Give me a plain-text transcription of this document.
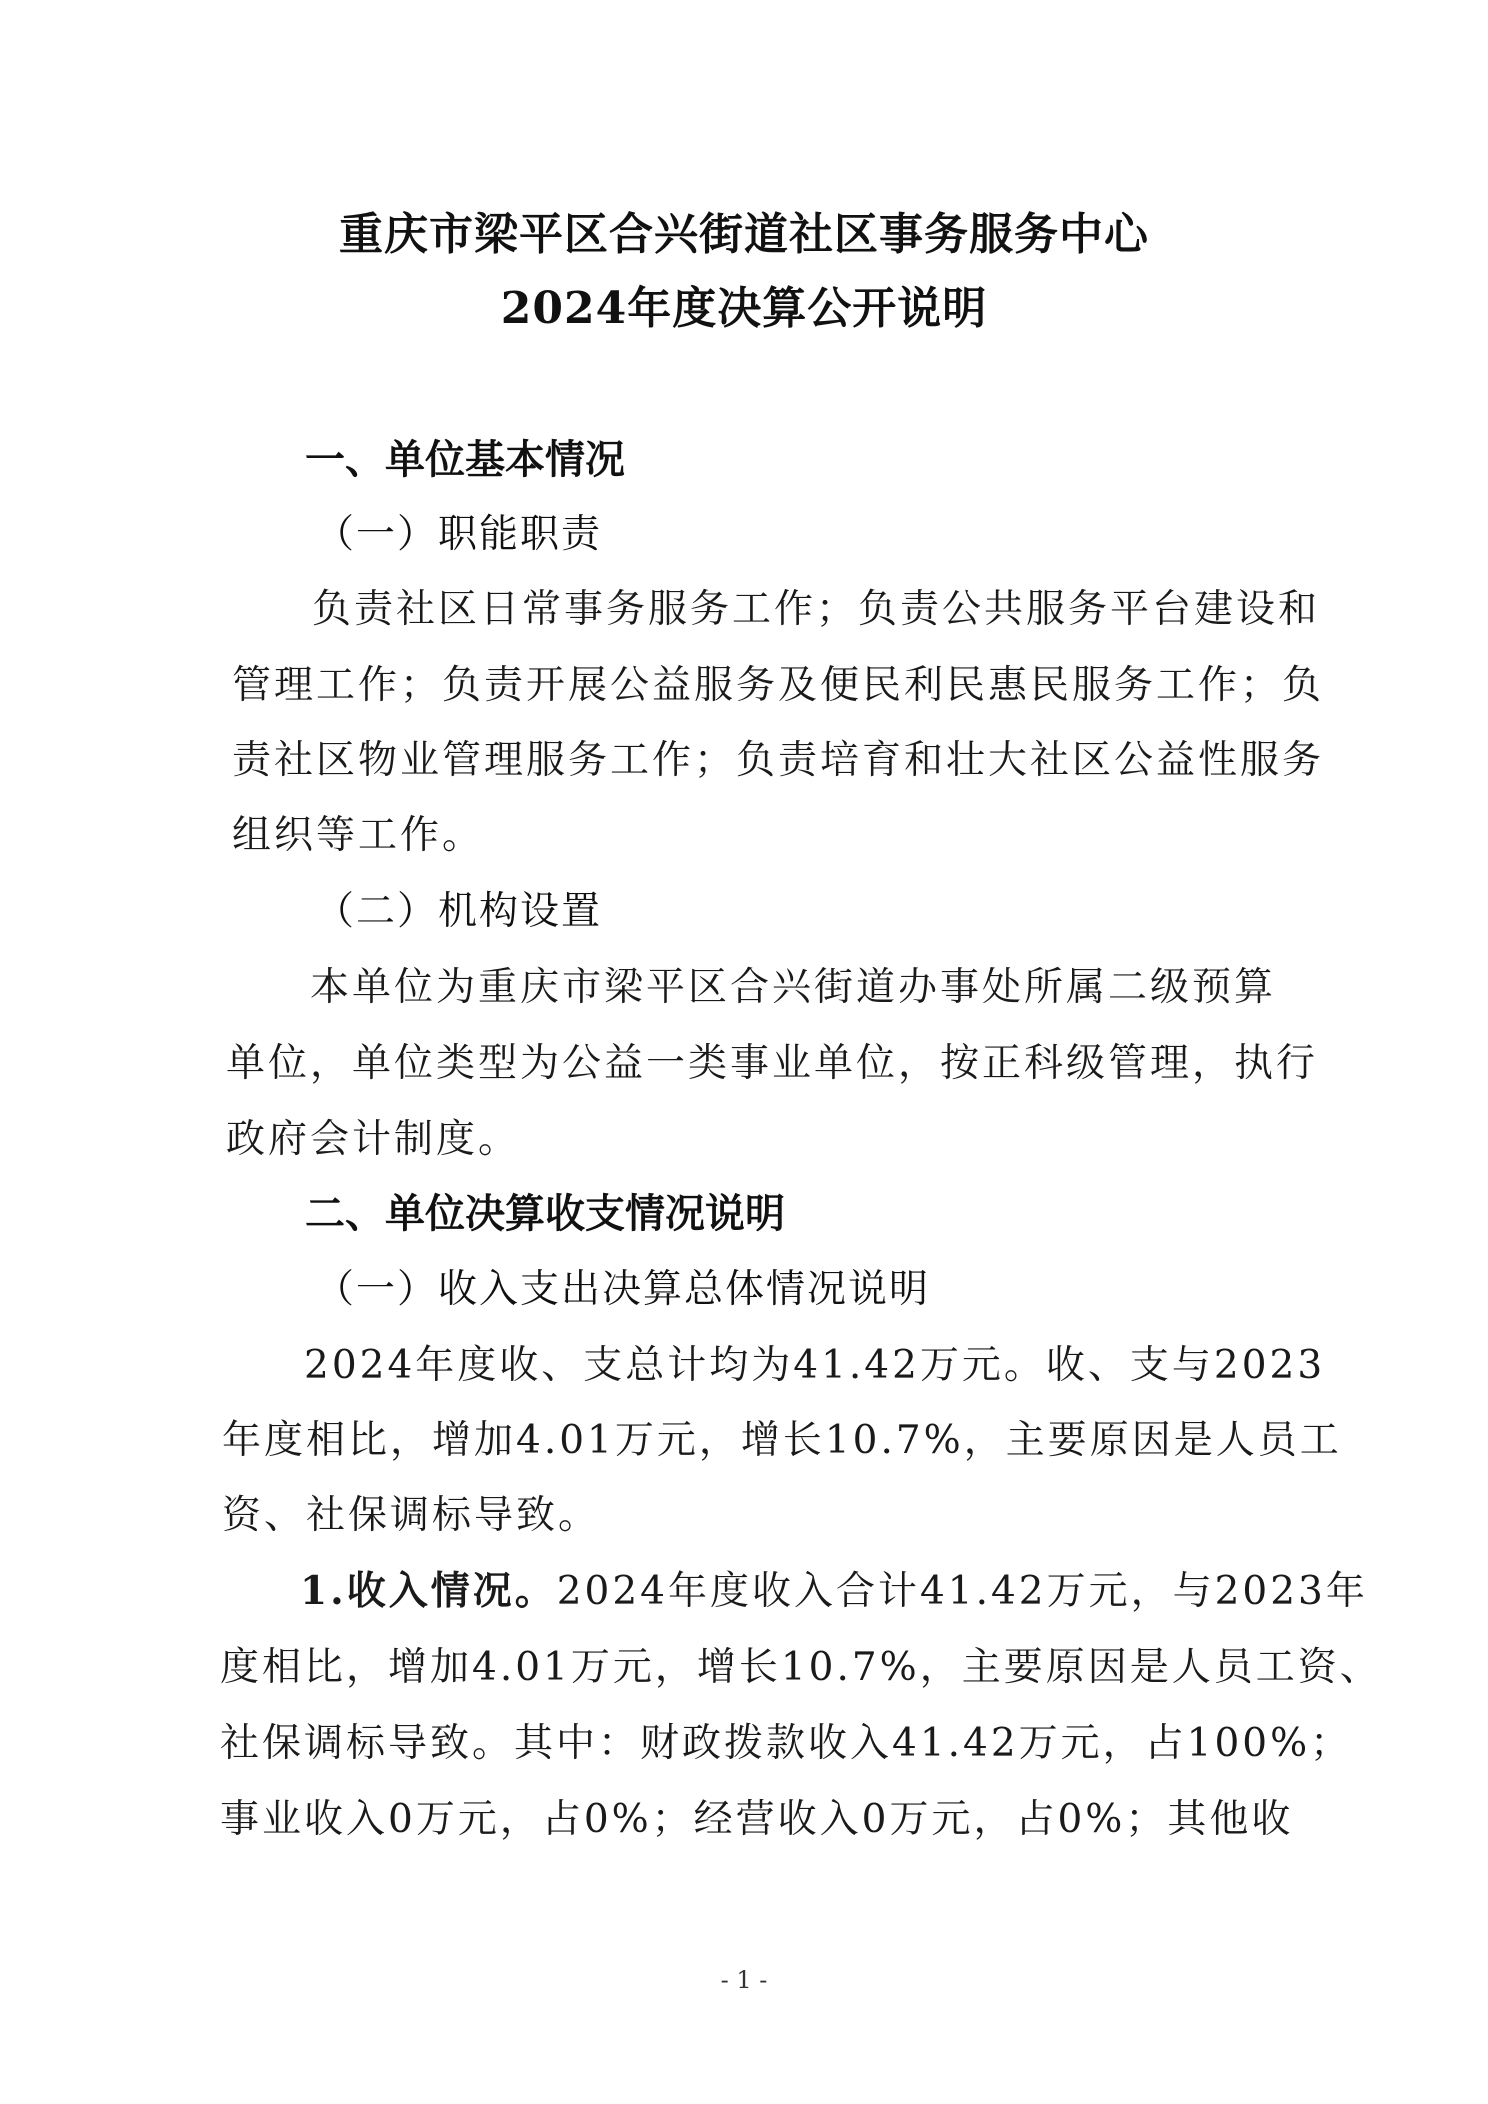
重庆市梁平区合兴街道社区事务服务中心
2024年度决算公开说明
一、单位基本情况
（一）职能职责
负责社区日常事务服务工作；负责公共服务平台建设和
管理工作；负责开展公益服务及便民利民惠民服务工作；负
责社区物业管理服务工作；负责培育和壮大社区公益性服务
组织等工作。
（二）机构设置
本单位为重庆市梁平区合兴街道办事处所属二级预算
单位，单位类型为公益一类事业单位，按正科级管理，执行
政府会计制度。
二、单位决算收支情况说明
（一）收入支出决算总体情况说明
2024年度收、支总计均为41.42万元。收、支与2023
年度相比，增加4.01万元，增长10.7%，主要原因是人员工
资、社保调标导致。
1.收入情况。2024年度收入合计41.42万元，与2023年
度相比，增加4.01万元，增长10.7%，主要原因是人员工资、
社保调标导致。其中：财政拨款收入41.42万元，占100%；
事业收入0万元，占0%；经营收入0万元，占0%；其他收
- 1 -
